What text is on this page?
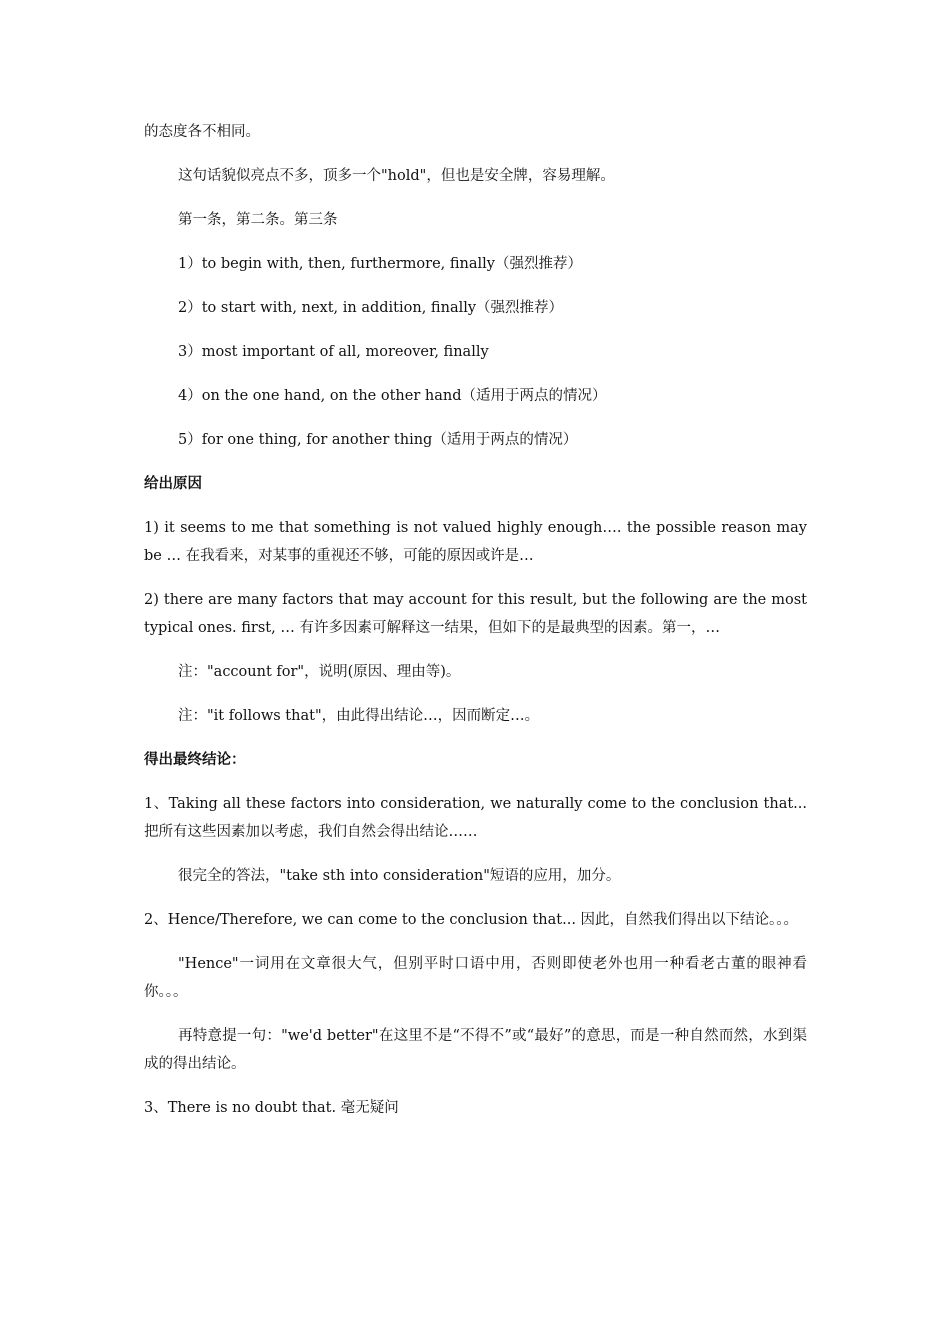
的态度各不相同。

这句话貌似亮点不多，顶多一个"hold"，但也是安全牌，容易理解。

第一条，第二条。第三条

1）to begin with, then, furthermore, finally（强烈推荐）

2）to start with, next, in addition, finally（强烈推荐）

3）most important of all, moreover, finally

4）on the one hand, on the other hand（适用于两点的情况）

5）for one thing, for another thing（适用于两点的情况）

给出原因

1) it seems to me that something is not valued highly enough…. the possible reason may be … 在我看来，对某事的重视还不够，可能的原因或许是…

2) there are many factors that may account for this result, but the following are the most typical ones. first, … 有许多因素可解释这一结果，但如下的是最典型的因素。第一，…

注："account for"，说明(原因、理由等)。

注："it follows that"，由此得出结论…，因而断定…。

得出最终结论：

1、Taking all these factors into consideration, we naturally come to the conclusion that... 把所有这些因素加以考虑，我们自然会得出结论……

很完全的答法，"take sth into consideration"短语的应用，加分。

2、Hence/Therefore, we can come to the conclusion that... 因此，自然我们得出以下结论。。。

"Hence"一词用在文章很大气，但别平时口语中用，否则即使老外也用一种看老古董的眼神看你。。。

再特意提一句："we'd better"在这里不是“不得不”或“最好”的意思，而是一种自然而然，水到渠成的得出结论。

3、There is no doubt that. 毫无疑问
